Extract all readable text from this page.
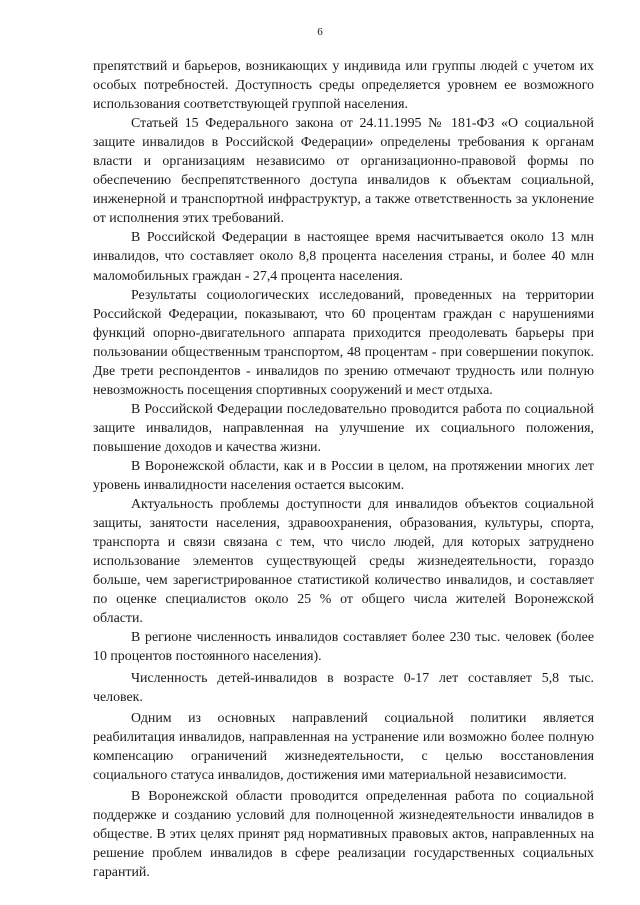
6

препятствий и барьеров, возникающих у индивида или группы людей с учетом их особых потребностей. Доступность среды определяется уровнем ее возможного использования соответствующей группой населения.

Статьей 15 Федерального закона от 24.11.1995 № 181-ФЗ «О социальной защите инвалидов в Российской Федерации» определены требования к органам власти и организациям независимо от организационно-правовой формы по обеспечению беспрепятственного доступа инвалидов к объектам социальной, инженерной и транспортной инфраструктур, а также ответственность за уклонение от исполнения этих требований.

В Российской Федерации в настоящее время насчитывается около 13 млн инвалидов, что составляет около 8,8 процента населения страны, и более 40 млн маломобильных граждан - 27,4 процента населения.

Результаты социологических исследований, проведенных на территории Российской Федерации, показывают, что 60 процентам граждан с нарушениями функций опорно-двигательного аппарата приходится преодолевать барьеры при пользовании общественным транспортом, 48 процентам - при совершении покупок. Две трети респондентов - инвалидов по зрению отмечают трудность или полную невозможность посещения спортивных сооружений и мест отдыха.

В Российской Федерации последовательно проводится работа по социальной защите инвалидов, направленная на улучшение их социального положения, повышение доходов и качества жизни.

В Воронежской области, как и в России в целом, на протяжении многих лет уровень инвалидности населения остается высоким.

Актуальность проблемы доступности для инвалидов объектов социальной защиты, занятости населения, здравоохранения, образования, культуры, спорта, транспорта и связи связана с тем, что число людей, для которых затруднено использование элементов существующей среды жизнедеятельности, гораздо больше, чем зарегистрированное статистикой количество инвалидов, и составляет по оценке специалистов около 25 % от общего числа жителей Воронежской области.

В регионе численность инвалидов составляет более 230 тыс. человек (более 10 процентов постоянного населения).

Численность детей-инвалидов в возрасте 0-17 лет составляет 5,8 тыс. человек.

Одним из основных направлений социальной политики является реабилитация инвалидов, направленная на устранение или возможно более полную компенсацию ограничений жизнедеятельности, с целью восстановления социального статуса инвалидов, достижения ими материальной независимости.

В Воронежской области проводится определенная работа по социальной поддержке и созданию условий для полноценной жизнедеятельности инвалидов в обществе. В этих целях принят ряд нормативных правовых актов, направленных на решение проблем инвалидов в сфере реализации государственных социальных гарантий.
